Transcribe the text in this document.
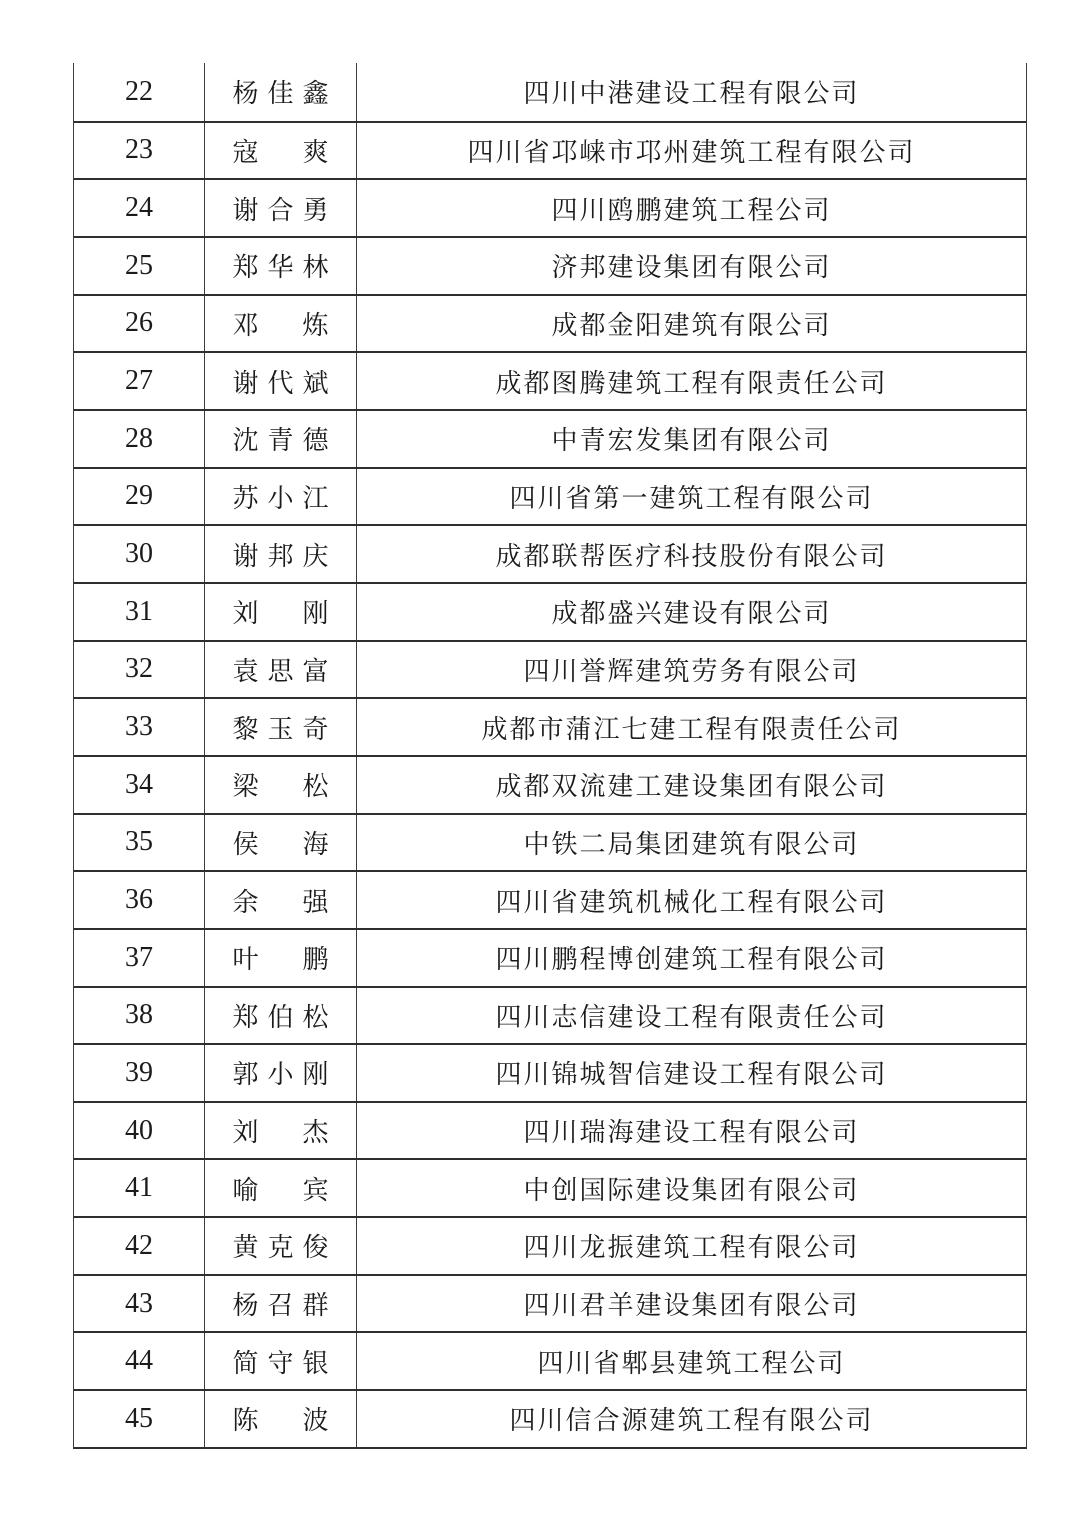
22	杨 佳 鑫	四川中港建设工程有限公司
23	寇 爽	四川省邛崃市邛州建筑工程有限公司
24	谢 合 勇	四川鸥鹏建筑工程公司
25	郑 华 林	济邦建设集团有限公司
26	邓 炼	成都金阳建筑有限公司
27	谢 代 斌	成都图腾建筑工程有限责任公司
28	沈 青 德	中青宏发集团有限公司
29	苏 小 江	四川省第一建筑工程有限公司
30	谢 邦 庆	成都联帮医疗科技股份有限公司
31	刘 刚	成都盛兴建设有限公司
32	袁 思 富	四川誉辉建筑劳务有限公司
33	黎 玉 奇	成都市蒲江七建工程有限责任公司
34	梁 松	成都双流建工建设集团有限公司
35	侯 海	中铁二局集团建筑有限公司
36	余 强	四川省建筑机械化工程有限公司
37	叶 鹏	四川鹏程博创建筑工程有限公司
38	郑 伯 松	四川志信建设工程有限责任公司
39	郭 小 刚	四川锦城智信建设工程有限公司
40	刘 杰	四川瑞海建设工程有限公司
41	喻 宾	中创国际建设集团有限公司
42	黄 克 俊	四川龙振建筑工程有限公司
43	杨 召 群	四川君羊建设集团有限公司
44	简 守 银	四川省郫县建筑工程公司
45	陈 波	四川信合源建筑工程有限公司
